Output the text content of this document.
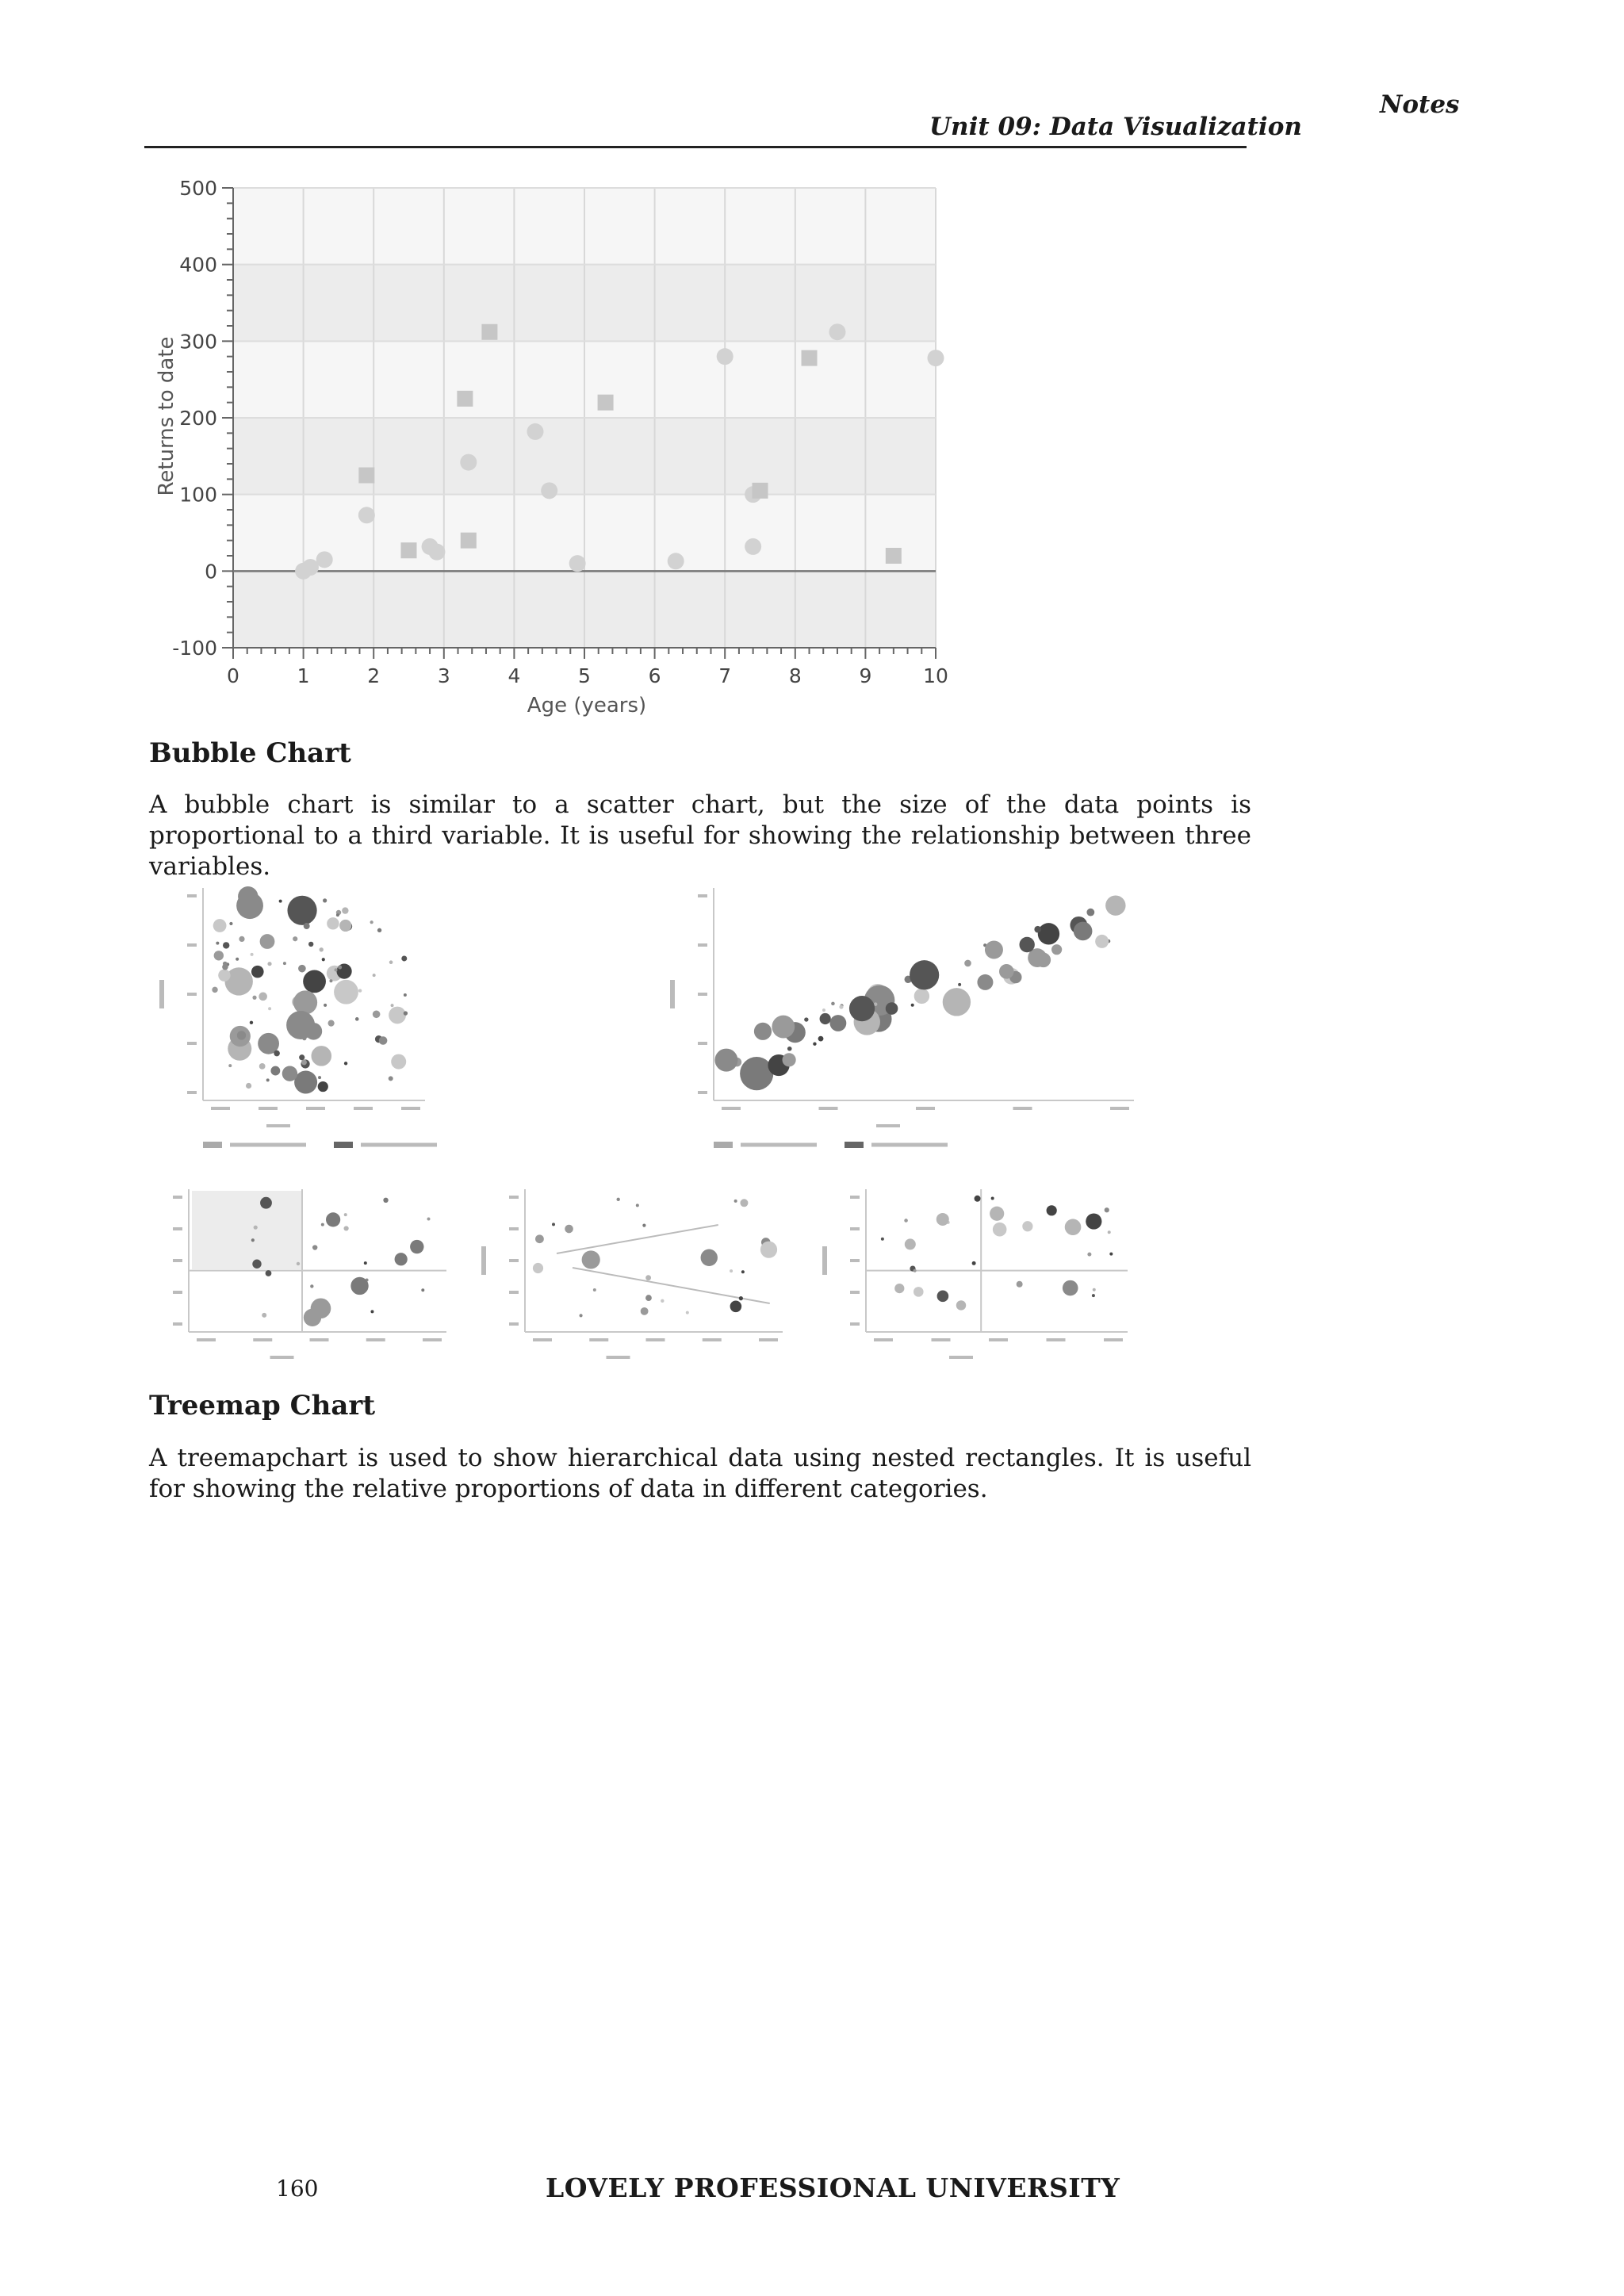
Notes
Unit 09: Data Visualization
500
400
300
200
100
0
-100
0	1	2	3	4	5	6	7	8	9	10
Returns to date
Age (years)
Bubble Chart
A bubble chart is similar to a scatter chart, but the size of the data points is proportional to a third variable. It is useful for showing the relationship between three variables.
Treemap Chart
A treemapchart is used to show hierarchical data using nested rectangles. It is useful for showing the relative proportions of data in different categories.
160	LOVELY PROFESSIONAL UNIVERSITY
